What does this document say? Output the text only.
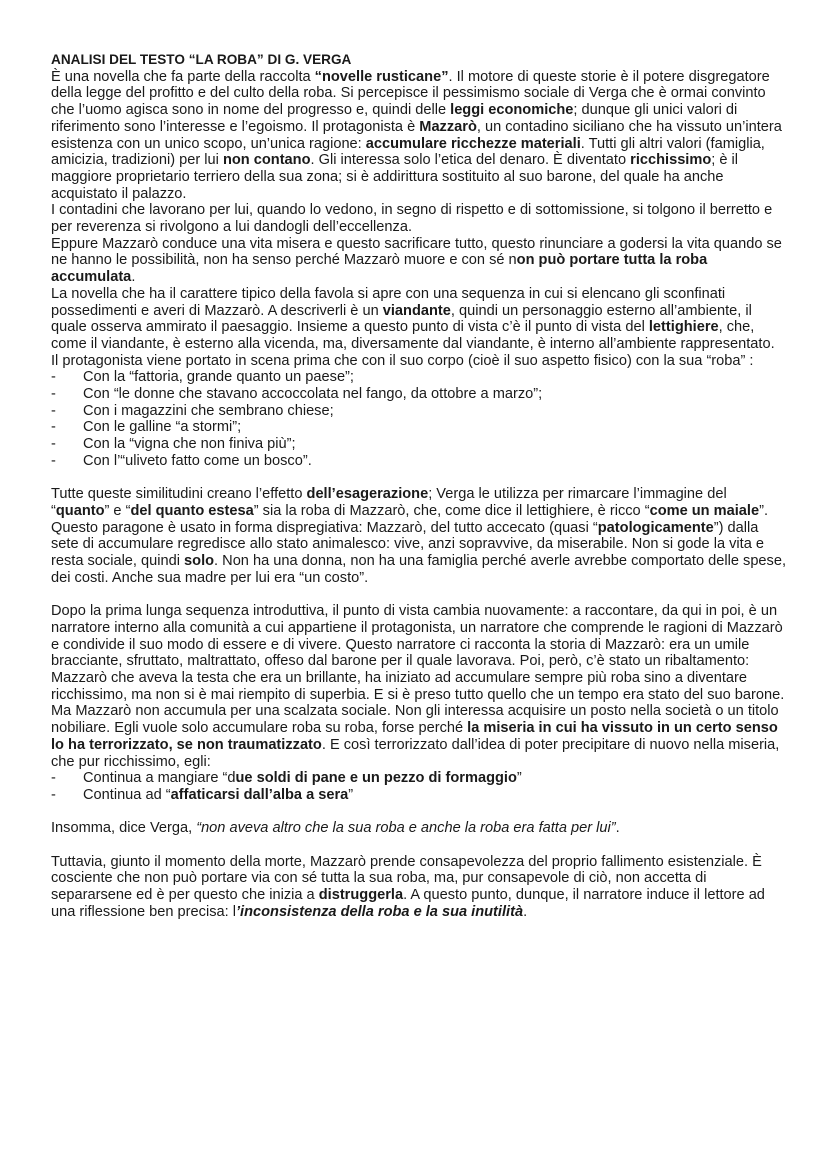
ANALISI DEL TESTO “LA ROBA” DI G. VERGA

È una novella che fa parte della raccolta “novelle rusticane”. Il motore di queste storie è il potere disgregatore della legge del profitto e del culto della roba. Si percepisce il pessimismo sociale di Verga che è ormai convinto che l’uomo agisca sono in nome del progresso e, quindi delle leggi economiche; dunque gli unici valori di riferimento sono l’interesse e l’egoismo. Il protagonista è Mazzarò, un contadino siciliano che ha vissuto un’intera esistenza con un unico scopo, un’unica ragione: accumulare ricchezze materiali. Tutti gli altri valori (famiglia, amicizia, tradizioni) per lui non contano. Gli interessa solo l’etica del denaro. È diventato ricchissimo; è il maggiore proprietario terriero della sua zona; si è addirittura sostituito al suo barone, del quale ha anche acquistato il palazzo.

I contadini che lavorano per lui, quando lo vedono, in segno di rispetto e di sottomissione, si tolgono il berretto e per reverenza si rivolgono a lui dandogli dell’eccellenza.

Eppure Mazzarò conduce una vita misera e questo sacrificare tutto, questo rinunciare a godersi la vita quando se ne hanno le possibilità, non ha senso perché Mazzarò muore e con sé non può portare tutta la roba accumulata.

La novella che ha il carattere tipico della favola si apre con una sequenza in cui si elencano gli sconfinati possedimenti e averi di Mazzarò. A descriverli è un viandante, quindi un personaggio esterno all’ambiente, il quale osserva ammirato il paesaggio. Insieme a questo punto di vista c’è il punto di vista del lettighiere, che, come il viandante, è esterno alla vicenda, ma, diversamente dal viandante, è interno all’ambiente rappresentato.

Il protagonista viene portato in scena prima che con il suo corpo (cioè il suo aspetto fisico) con la sua “roba” :

- Con la “fattoria, grande quanto un paese”;
- Con “le donne che stavano accoccolata nel fango, da ottobre a marzo”;
- Con i magazzini che sembrano chiese;
- Con le galline “a stormi”;
- Con la “vigna che non finiva più”;
- Con l’“uliveto fatto come un bosco”.

Tutte queste similitudini creano l’effetto dell’esagerazione; Verga le utilizza per rimarcare l’immagine del “quanto” e “del quanto estesa” sia la roba di Mazzarò, che, come dice il lettighiere, è ricco “come un maiale”. Questo paragone è usato in forma dispregiativa: Mazzarò, del tutto accecato (quasi “patologicamente”) dalla sete di accumulare regredisce allo stato animalesco: vive, anzi sopravvive, da miserabile. Non si gode la vita e resta sociale, quindi solo. Non ha una donna, non ha una famiglia perché averle avrebbe comportato delle spese, dei costi. Anche sua madre per lui era “un costo”.

Dopo la prima lunga sequenza introduttiva, il punto di vista cambia nuovamente: a raccontare, da qui in poi, è un narratore interno alla comunità a cui appartiene il protagonista, un narratore che comprende le ragioni di Mazzarò e condivide il suo modo di essere e di vivere. Questo narratore ci racconta la storia di Mazzarò: era un umile bracciante, sfruttato, maltrattato, offeso dal barone per il quale lavorava. Poi, però, c’è stato un ribaltamento: Mazzarò che aveva la testa che era un brillante, ha iniziato ad accumulare sempre più roba sino a diventare ricchissimo, ma non si è mai riempito di superbia. E si è preso tutto quello che un tempo era stato del suo barone.

Ma Mazzarò non accumula per una scalzata sociale. Non gli interessa acquisire un posto nella società o un titolo nobiliare. Egli vuole solo accumulare roba su roba, forse perché la miseria in cui ha vissuto in un certo senso lo ha terrorizzato, se non traumatizzato. E così terrorizzato dall’idea di poter precipitare di nuovo nella miseria, che pur ricchissimo, egli:

- Continua a mangiare “due soldi di pane e un pezzo di formaggio”
- Continua ad “affaticarsi dall’alba a sera”

Insomma, dice Verga, “non aveva altro che la sua roba e anche la roba era fatta per lui”.

Tuttavia, giunto il momento della morte, Mazzarò prende consapevolezza del proprio fallimento esistenziale. È cosciente che non può portare via con sé tutta la sua roba, ma, pur consapevole di ciò, non accetta di separarsene ed è per questo che inizia a distruggerla. A questo punto, dunque, il narratore induce il lettore ad una riflessione ben precisa: l’inconsistenza della roba e la sua inutilità.
